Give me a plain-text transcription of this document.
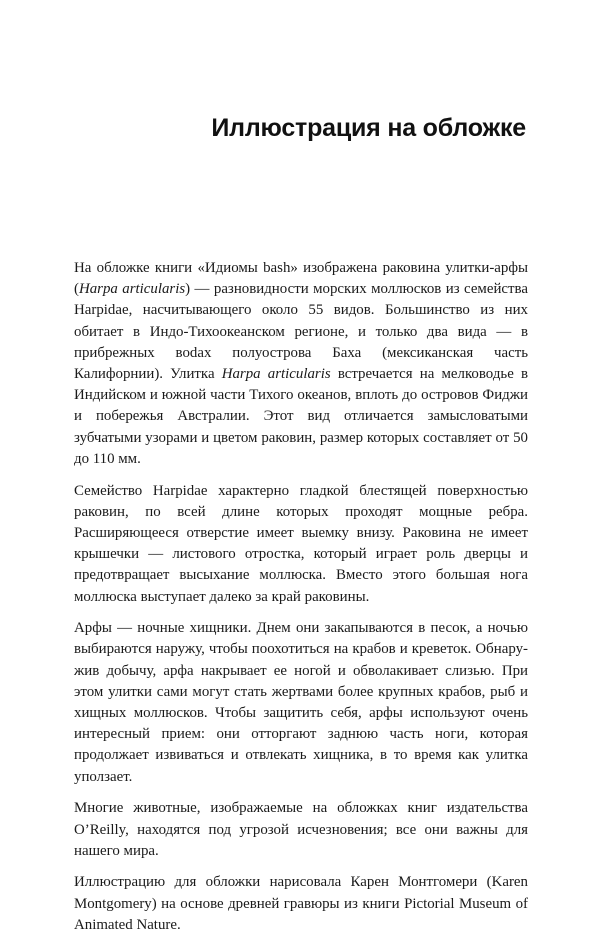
Иллюстрация на обложке

На обложке книги «Идиомы bash» изображена раковина улитки-арфы (Harpa articularis) — разновидности морских моллюсков из семейства Harpidae, насчитывающего около 55 видов. Большинство из них обитает в Индо-Тихоокеанском регионе, и только два вида — в прибрежных воdах полуострова Баха (мексиканская часть Калифорнии). Улитка Harpa articularis встречается на мелководье в Индийском и южной части Тихого океанов, вплоть до островов Фиджи и побережья Австралии. Этот вид отличается замысловатыми зубчатыми узорами и цветом раковин, размер которых составляет от 50 до 110 мм.

Семейство Harpidae характерно гладкой блестящей поверхностью раковин, по всей длине которых проходят мощные ребра. Расширяющееся отверстие имеет выемку внизу. Раковина не имеет крышечки — листового отростка, который играет роль дверцы и предотвращает высыхание моллюска. Вместо этого большая нога моллюска выступает далеко за край раковины.

Арфы — ночные хищники. Днем они закапываются в песок, а ночью выбираются наружу, чтобы поохотиться на крабов и креветок. Обнаружив добычу, арфа накрывает ее ногой и обволакивает слизью. При этом улитки сами могут стать жертвами более крупных крабов, рыб и хищных моллюсков. Чтобы защитить себя, арфы используют очень интересный прием: они отторгают заднюю часть ноги, которая продолжает извиваться и отвлекать хищника, в то время как улитка уползает.

Многие животные, изображаемые на обложках книг издательства O’Reilly, находятся под угрозой исчезновения; все они важны для нашего мира.

Иллюстрацию для обложки нарисовала Карен Монтгомери (Karen Montgomery) на основе древней гравюры из книги Pictorial Museum of Animated Nature.
